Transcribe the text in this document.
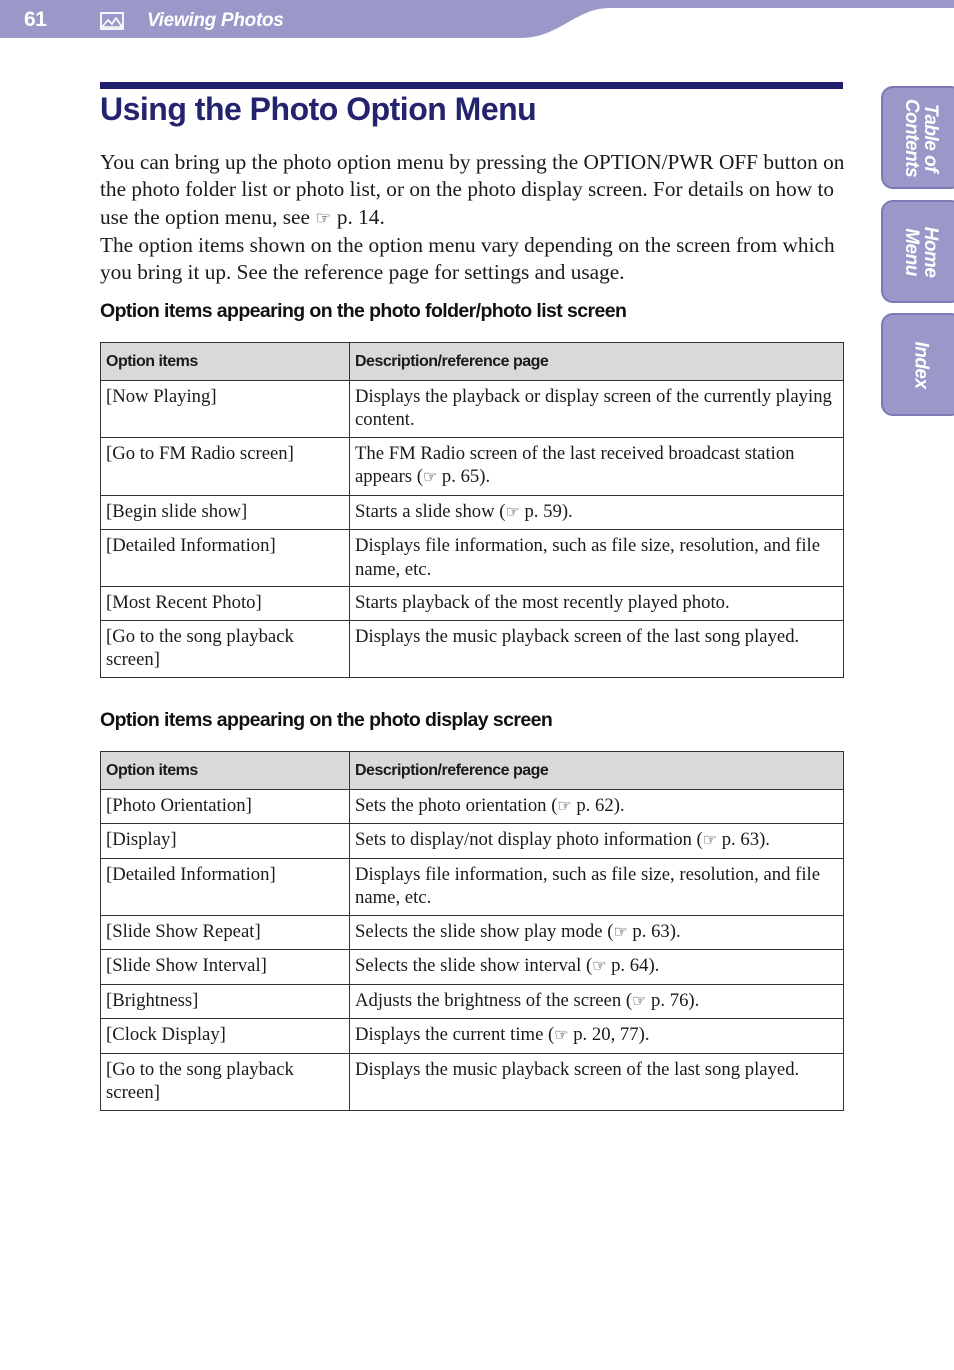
61	Viewing Photos
Table of
Contents
Home
Menu
Index
Using the Photo Option Menu

You can bring up the photo option menu by pressing the OPTION/PWR OFF button on the photo folder list or photo list, or on the photo display screen. For details on how to use the option menu, see ☞ p. 14.

The option items shown on the option menu vary depending on the screen from which you bring it up. See the reference page for settings and usage.

Option items appearing on the photo folder/photo list screen
Option items	Description/reference page
[Now Playing]	Displays the playback or display screen of the currently playing content.
[Go to FM Radio screen]	The FM Radio screen of the last received broadcast station appears (☞ p. 65).
[Begin slide show]	Starts a slide show (☞ p. 59).
[Detailed Information]	Displays file information, such as file size, resolution, and file name, etc.
[Most Recent Photo]	Starts playback of the most recently played photo.
[Go to the song playback screen]	Displays the music playback screen of the last song played.
Option items appearing on the photo display screen
Option items	Description/reference page
[Photo Orientation]	Sets the photo orientation (☞ p. 62).
[Display]	Sets to display/not display photo information (☞ p. 63).
[Detailed Information]	Displays file information, such as file size, resolution, and file name, etc.
[Slide Show Repeat]	Selects the slide show play mode (☞ p. 63).
[Slide Show Interval]	Selects the slide show interval (☞ p. 64).
[Brightness]	Adjusts the brightness of the screen (☞ p. 76).
[Clock Display]	Displays the current time (☞ p. 20, 77).
[Go to the song playback screen]	Displays the music playback screen of the last song played.
